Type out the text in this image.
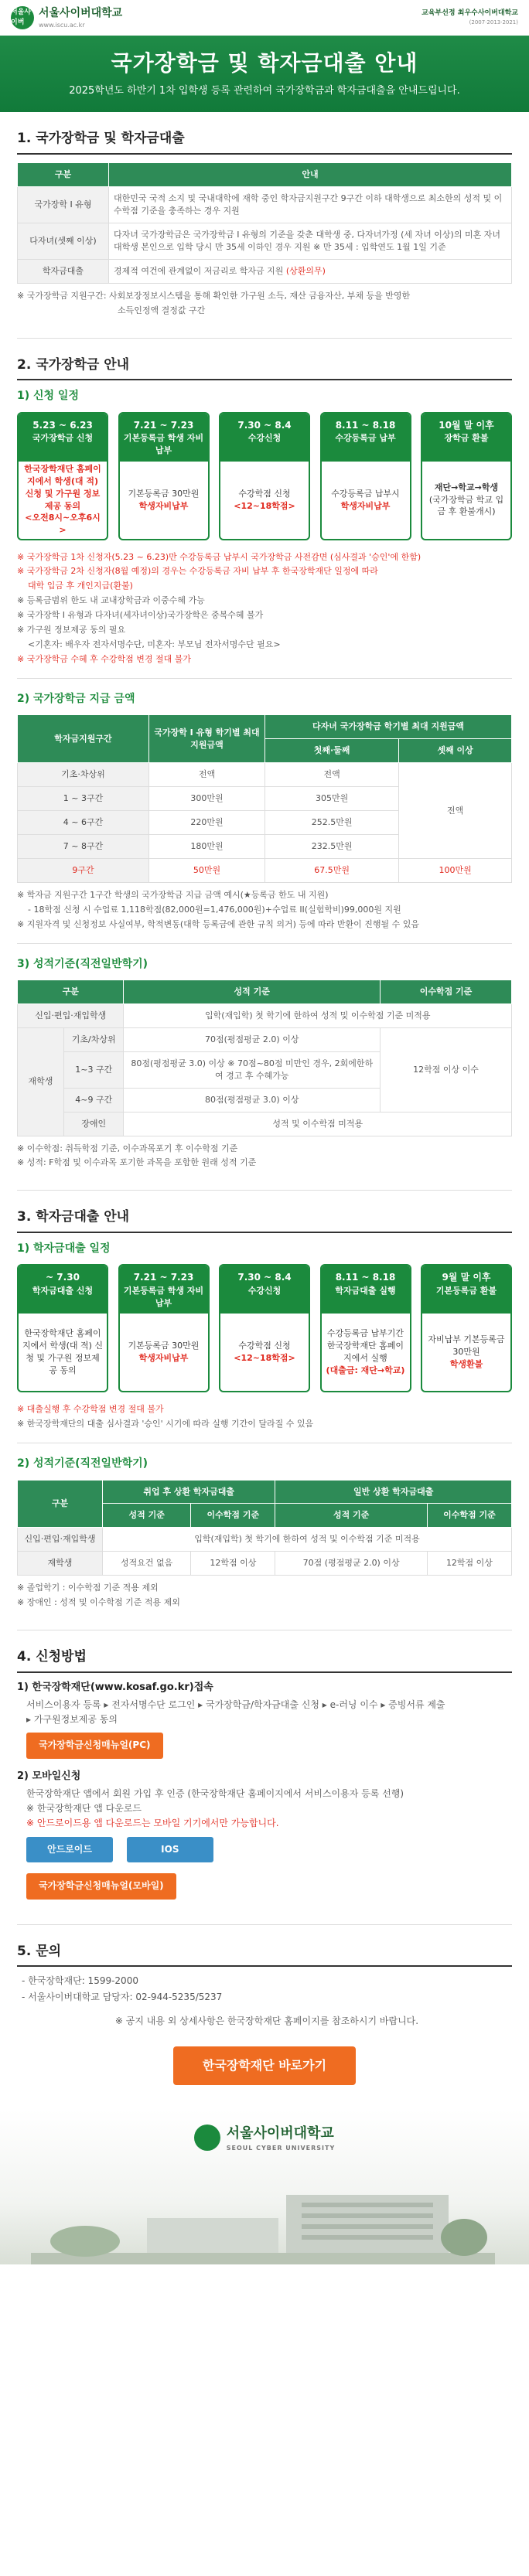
서울사이버
서울사이버대학교
www.iscu.ac.kr
교육부선정 최우수사이버대학교
(2007·2013·2021)
국가장학금 및 학자금대출 안내

2025학년도 하반기 1차 입학생 등록 관련하여 국가장학금과 학자금대출을 안내드립니다.

1. 국가장학금 및 학자금대출
구분	안내
국가장학 I 유형	대한민국 국적 소지 및 국내대학에 재학 중인 학자금지원구간 9구간 이하 대학생으로 최소한의 성적 및 이수학점 기준을 충족하는 경우 지원
다자녀(셋째 이상)	다자녀 국가장학금은 국가장학금 I 유형의 기준을 갖춘 대학생 중, 다자녀가정 (세 자녀 이상)의 미혼 자녀 대학생 본인으로 입학 당시 만 35세 이하인 경우 지원 ※ 만 35세 : 입학연도 1월 1일 기준
학자금대출	경제적 여건에 관계없이 저금리로 학자금 지원 (상환의무)
※ 국가장학금 지원구간: 사회보장정보시스템을 통해 확인한 가구원 소득, 재산 금융자산, 부채 등을 반영한
소득인정액 결정값 구간
2. 국가장학금 안내
1) 신청 일정
5.23 ~ 6.23
국가장학금 신청
한국장학재단 홈페이지에서 학생(대 적) 신청 및 가구원 정보제공 동의
<오전8시~오후6시>
7.21 ~ 7.23
기본등록금 학생 자비납부
기본등록금 30만원
학생자비납부
7.30 ~ 8.4
수강신청
수강학점 신청
<12~18학점>
8.11 ~ 8.18
수강등록금 납부
수강등록금 납부시
학생자비납부
10월 말 이후
장학금 환불
재단→학교→학생
(국가장학금 학교 입금 후 환불개시)
※ 국가장학금 1차 신청자(5.23 ~ 6.23)만 수강등록금 납부시 국가장학금 사전감면 (심사결과 '승인'에 한함)
※ 국가장학금 2차 신청자(8월 예정)의 경우는 수강등록금 자비 납부 후 한국장학재단 일정에 따라
대학 입금 후 개인지급(환불)
※ 등록금범위 한도 내 교내장학금과 이중수혜 가능
※ 국가장학 I 유형과 다자녀(세자녀이상)국가장학은 중복수혜 불가
※ 가구원 정보제공 동의 필요
<기혼자: 배우자 전자서명수단, 미혼자: 부모님 전자서명수단 필요>
※ 국가장학금 수혜 후 수강학점 변경 절대 불가
2) 국가장학금 지급 금액
학자금지원구간	국가장학 I 유형 학기별 최대 지원금액	다자녀 국가장학금 학기별 최대 지원금액	
		첫째·둘째	셋째 이상
기초·차상위	전액	전액	전액
1 ~ 3구간	300만원	305만원	
4 ~ 6구간	220만원	252.5만원	
7 ~ 8구간	180만원	232.5만원	
9구간	50만원	67.5만원	100만원
※ 학자금 지원구간 1구간 학생의 국가장학금 지급 금액 예시(★등록금 한도 내 지원)
- 18학점 신청 시 수업료 1,118학점(82,000원=1,476,000원)+수업료 II(실험학비)99,000원 지원
※ 지원자격 및 신청정보 사실여부, 학적변동(대학 등록금에 관한 규칙 의거) 등에 따라 반환이 진행될 수 있음
3) 성적기준(직전일반학기)
구분		성적 기준	이수학점 기준
신입·편입·재입학생		입학(재입학) 첫 학기에 한하여 성적 및 이수학점 기준 미적용	
재학생	기초/차상위	70점(평점평균 2.0) 이상	12학점 이상 이수
	1~3 구간	80점(평점평균 3.0) 이상 ※ 70점~80점 미만인 경우, 2회에한하여 경고 후 수혜가능	
	4~9 구간	80점(평점평균 3.0) 이상	
	장애인	성적 및 이수학점 미적용	
※ 이수학점: 취득학점 기준, 이수과목포기 후 이수학점 기준
※ 성적: F학점 및 이수과목 포기한 과목을 포함한 원래 성적 기준
3. 학자금대출 안내
1) 학자금대출 일정
~ 7.30
학자금대출 신청
한국장학재단 홈페이지에서 학생(대 적) 신청 및 가구원 정보제공 동의
7.21 ~ 7.23
기본등록금 학생 자비납부
기본등록금 30만원
학생자비납부
7.30 ~ 8.4
수강신청
수강학점 신청
<12~18학점>
8.11 ~ 8.18
학자금대출 실행
수강등록금 납부기간 한국장학재단 홈페이지에서 실행
(대출금: 재단→학교)
9월 말 이후
기본등록금 환불
자비납부 기본등록금 30만원
학생환불
※ 대출실행 후 수강학점 변경 절대 불가
※ 한국장학재단의 대출 심사결과 '승인' 시기에 따라 실행 기간이 달라질 수 있음
2) 성적기준(직전일반학기)
구분	취업 후 상환 학자금대출		일반 상환 학자금대출	
	성적 기준	이수학점 기준	성적 기준	이수학점 기준
신입·편입·재입학생	입학(재입학) 첫 학기에 한하여 성적 및 이수학점 기준 미적용			
재학생	성적요건 없음	12학점 이상	70점 (평점평균 2.0) 이상	12학점 이상
※ 졸업학기 : 이수학점 기준 적용 제외
※ 장애인 : 성적 및 이수학점 기준 적용 제외
4. 신청방법
1) 한국장학재단(www.kosaf.go.kr)접속

서비스이용자 등록 ▸ 전자서명수단 로그인 ▸ 국가장학금/학자금대출 신청 ▸ e-러닝 이수 ▸ 증빙서류 제출

▸ 가구원정보제공 동의

국가장학금신청매뉴얼(PC)

2) 모바일신청

한국장학재단 앱에서 회원 가입 후 인증 (한국장학재단 홈페이지에서 서비스이용자 등록 선행)

※ 한국장학재단 앱 다운로드

※ 안드로이드용 앱 다운로드는 모바일 기기에서만 가능합니다.

안드로이드	IOS

국가장학금신청매뉴얼(모바일)

5. 문의

- 한국장학재단: 1599-2000

- 서울사이버대학교 담당자: 02-944-5235/5237

※ 공지 내용 외 상세사항은 한국장학재단 홈페이지를 참조하시기 바랍니다.

한국장학재단 바로가기
서울사이버대학교
SEOUL CYBER UNIVERSITY
